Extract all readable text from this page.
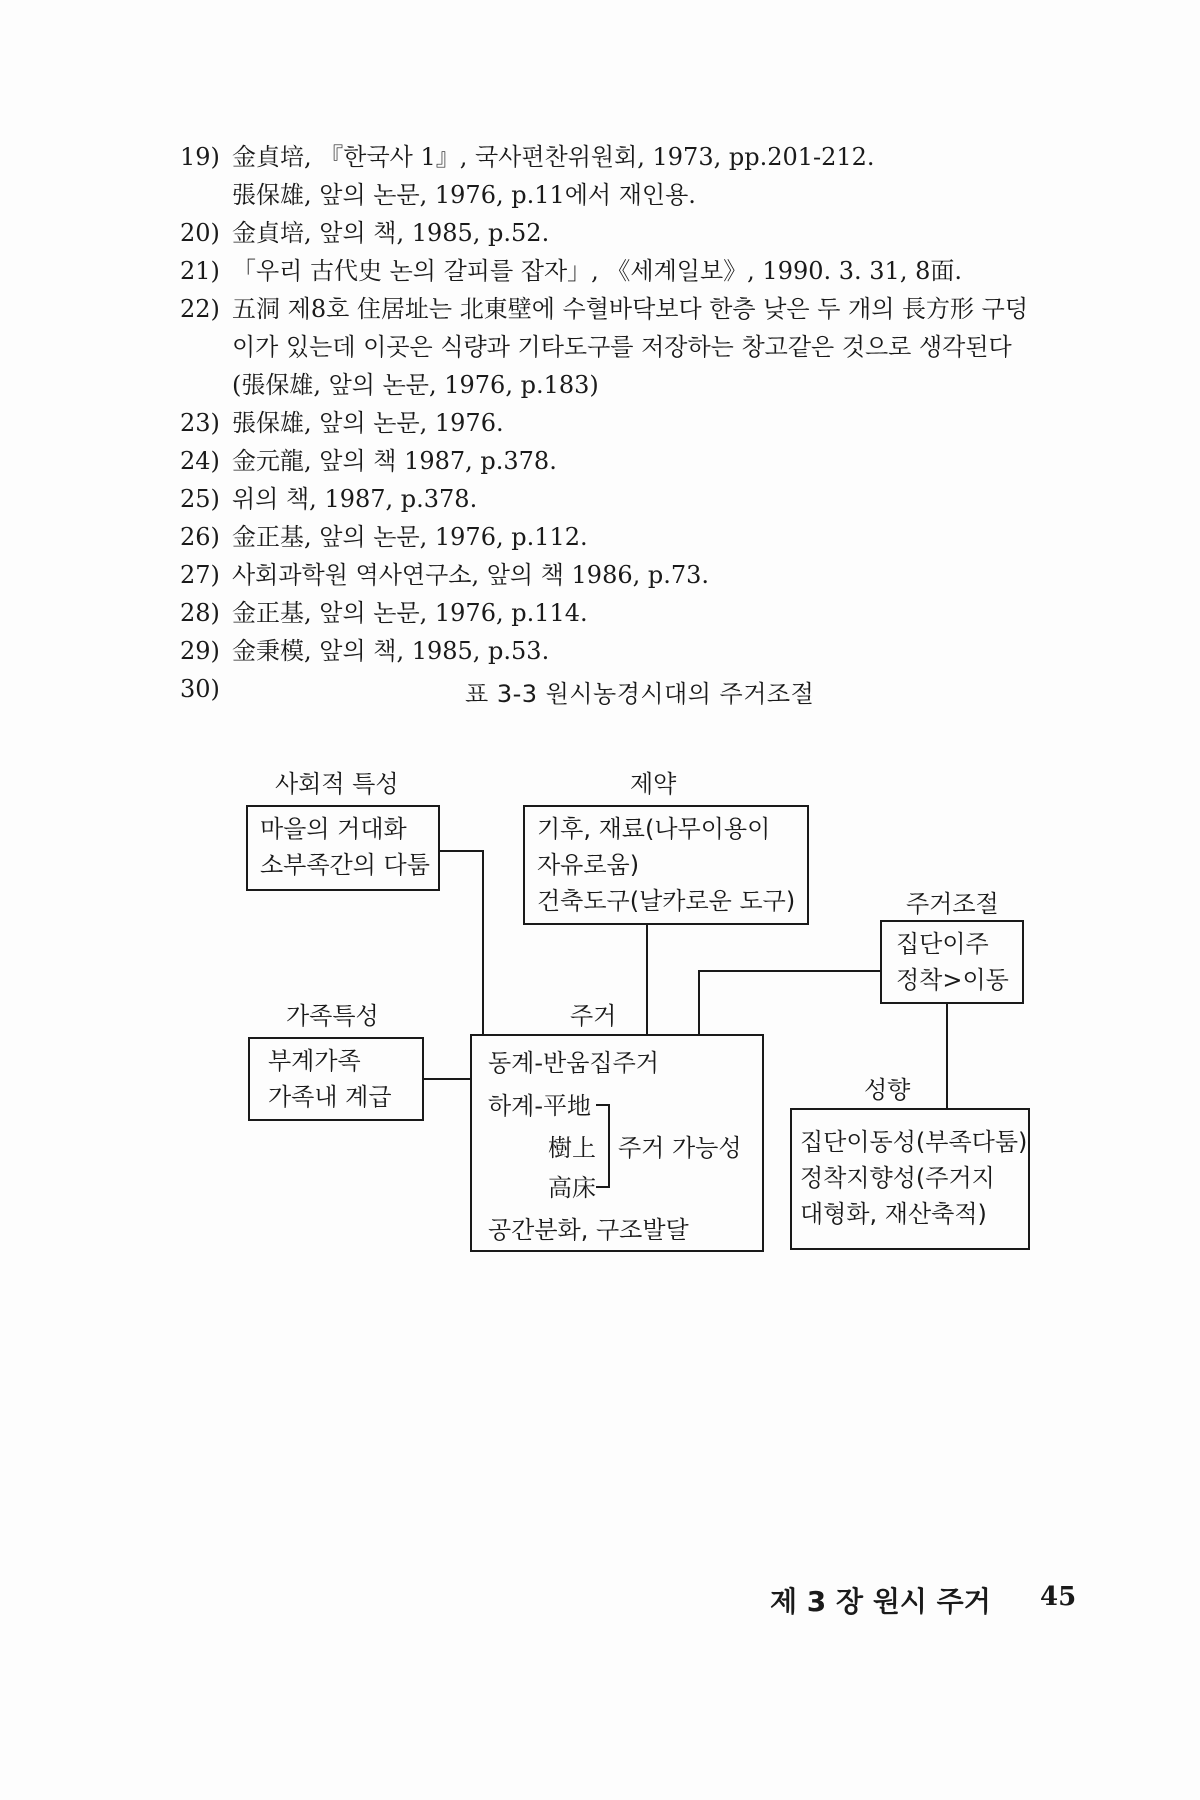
19) 金貞培, 『한국사 1』, 국사편찬위원회, 1973, pp.201-212.
張保雄, 앞의 논문, 1976, p.11에서 재인용.
20) 金貞培, 앞의 책, 1985, p.52.
21) 「우리 古代史 논의 갈피를 잡자」, 《세계일보》, 1990. 3. 31, 8面.
22) 五洞 제8호 住居址는 北東壁에 수혈바닥보다 한층 낮은 두 개의 長方形 구덩
이가 있는데 이곳은 식량과 기타도구를 저장하는 창고같은 것으로 생각된다
(張保雄, 앞의 논문, 1976, p.183)
23) 張保雄, 앞의 논문, 1976.
24) 金元龍, 앞의 책 1987, p.378.
25) 위의 책, 1987, p.378.
26) 金正基, 앞의 논문, 1976, p.112.
27) 사회과학원 역사연구소, 앞의 책 1986, p.73.
28) 金正基, 앞의 논문, 1976, p.114.
29) 金秉模, 앞의 책, 1985, p.53.
30)
	표 3-3 원시농경시대의 주거조절
사회적 특성
마을의 거대화
소부족간의 다툼
제약
기후, 재료(나무이용이
자유로움)
건축도구(날카로운 도구)	주거조절
집단이주
정착>이동
가족특성
부계가족
가족내 계급
주거
동계-반움집주거
하계-平地
樹上
高床
주거 가능성
공간분화, 구조발달
성향
집단이동성(부족다툼)
정착지향성(주거지
대형화, 재산축적)
제 3 장 원시 주거 45
